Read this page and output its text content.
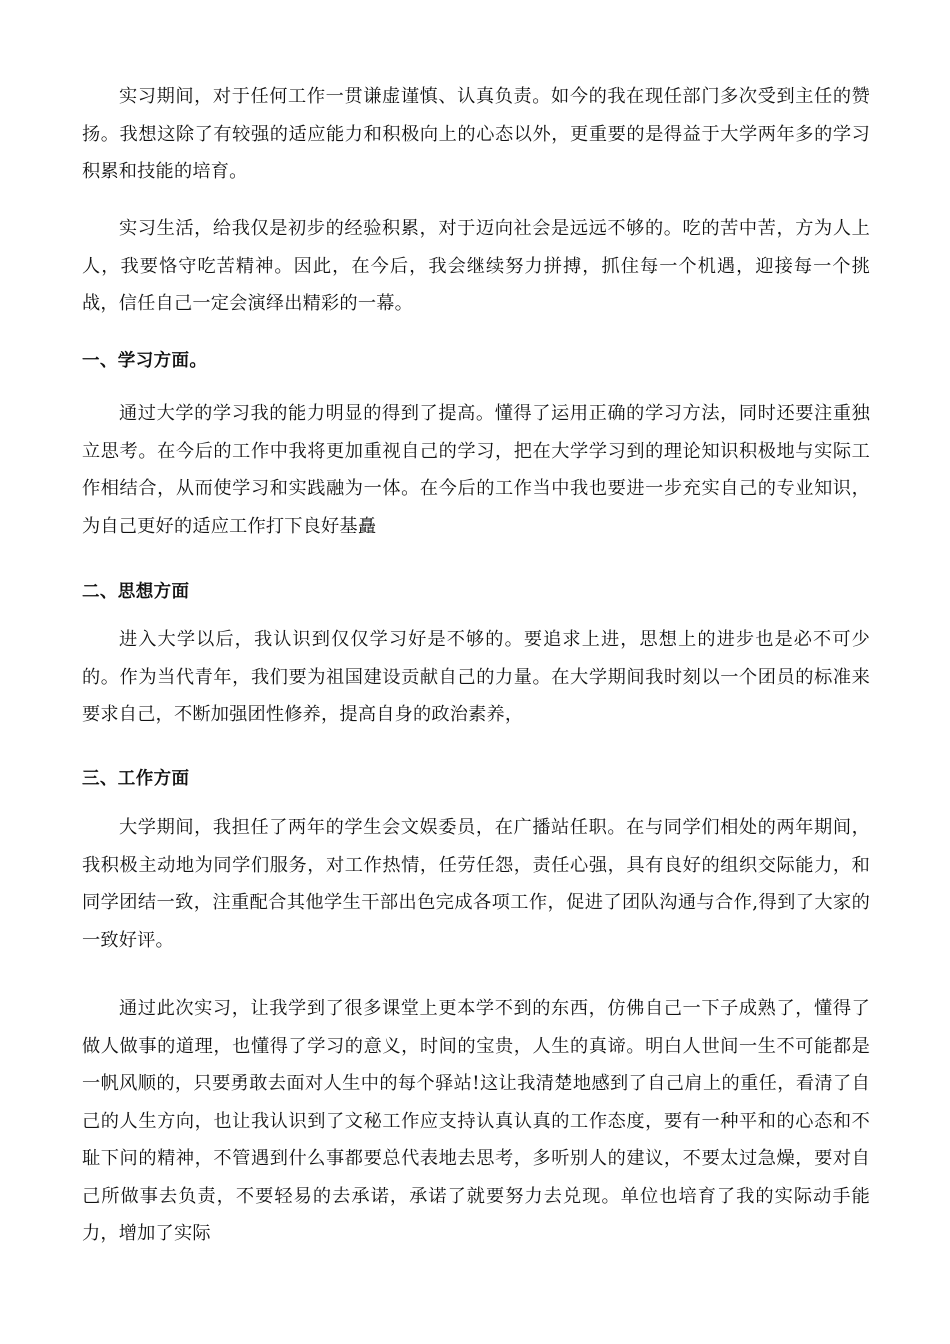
实习期间，对于任何工作一贯谦虚谨慎、认真负责。如今的我在现任部门多次受到主任的赞扬。我想这除了有较强的适应能力和积极向上的心态以外，更重要的是得益于大学两年多的学习积累和技能的培育。

实习生活，给我仅是初步的经验积累，对于迈向社会是远远不够的。吃的苦中苦，方为人上人，我要恪守吃苦精神。因此，在今后，我会继续努力拼搏，抓住每一个机遇，迎接每一个挑战，信任自己一定会演绎出精彩的一幕。

一、学习方面。

通过大学的学习我的能力明显的得到了提高。懂得了运用正确的学习方法，同时还要注重独立思考。在今后的工作中我将更加重视自己的学习，把在大学学习到的理论知识积极地与实际工作相结合，从而使学习和实践融为一体。在今后的工作当中我也要进一步充实自己的专业知识，为自己更好的适应工作打下良好基矗

二、思想方面

进入大学以后，我认识到仅仅学习好是不够的。要追求上进，思想上的进步也是必不可少的。作为当代青年，我们要为祖国建设贡献自己的力量。在大学期间我时刻以一个团员的标准来要求自己，不断加强团性修养，提高自身的政治素养，

三、工作方面

大学期间，我担任了两年的学生会文娱委员，在广播站任职。在与同学们相处的两年期间，我积极主动地为同学们服务，对工作热情，任劳任怨，责任心强，具有良好的组织交际能力，和同学团结一致，注重配合其他学生干部出色完成各项工作，促进了团队沟通与合作,得到了大家的一致好评。

通过此次实习，让我学到了很多课堂上更本学不到的东西，仿佛自己一下子成熟了，懂得了做人做事的道理，也懂得了学习的意义，时间的宝贵，人生的真谛。明白人世间一生不可能都是一帆风顺的，只要勇敢去面对人生中的每个驿站!这让我清楚地感到了自己肩上的重任，看清了自己的人生方向，也让我认识到了文秘工作应支持认真认真的工作态度，要有一种平和的心态和不耻下问的精神，不管遇到什么事都要总代表地去思考，多听别人的建议，不要太过急燥，要对自己所做事去负责，不要轻易的去承诺，承诺了就要努力去兑现。单位也培育了我的实际动手能力，增加了实际
